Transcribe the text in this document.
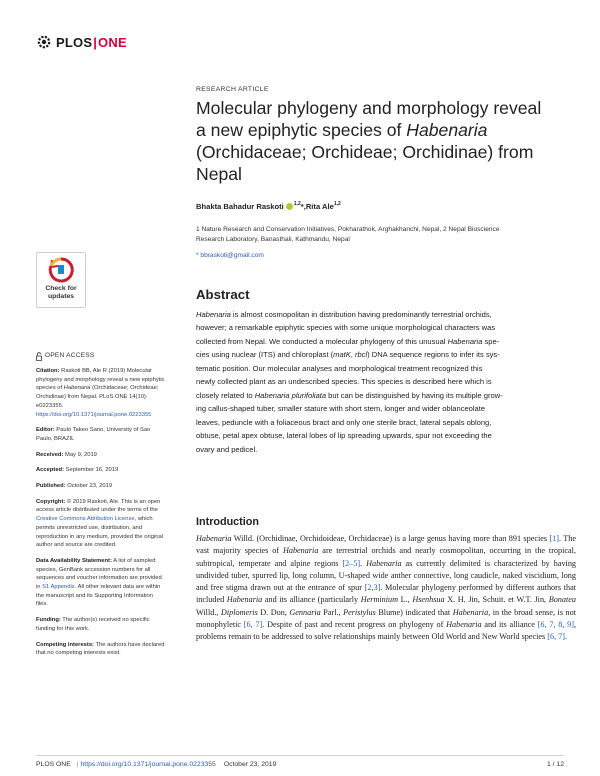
PLOS|ONE
RESEARCH ARTICLE
Molecular phylogeny and morphology reveal
a new epiphytic species of Habenaria
(Orchidaceae; Orchideae; Orchidinae) from
Nepal
Bhakta Bahadur Raskoti $^{1,2}$ * , Rita Ale$^{1,2}$
1 Nature Research and Conservation Initiatives, Pokharathok, Arghakhanchi, Nepal, 2 Nepal Bioscience
Research Laboratory, Banasthali, Kathmandu, Nepal
* bbraskoti@gmail.com
Check for
updates	Abstract
Habenaria is almost cosmopolitan in distribution having predominantly terrestrial orchids,
however; a remarkable epiphytic species with some unique morphological characters was
collected from Nepal. We conducted a molecular phylogeny of this unusual Habenaria spe-
cies using nuclear (ITS) and chloroplast (matK, rbcl) DNA sequence regions to infer its sys-
tematic position. Our molecular analyses and morphological treatment recognized this
newly collected plant as an undescribed species. This species is described here which is
closely related to Habenaria plurifoliata but can be distinguished by having its multiple grow-
ing callus-shaped tuber, smaller stature with short stem, longer and wider oblanceolate
leaves, peduncle with a foliaceous bract and only one sterile bract, lateral sepals oblong,
obtuse, petal apex obtuse, lateral lobes of lip spreading upwards, spur not exceeding the
ovary and pedicel.
OPEN ACCESS
Citation: Raskoti BB, Ale R (2019) Molecular phylogeny and morphology reveal a new epiphytic species of Habenaria (Orchidaceae; Orchideae; Orchidinae) from Nepal. PLoS ONE 14(10): e0223355. https://doi.org/10.1371/journal.pone.0223355
Editor: Paulo Takeo Sano, University of Sao Paulo, BRAZIL
Received: May 9, 2019
Accepted: September 16, 2019
Published: October 23, 2019
Copyright: © 2019 Raskoti, Ale. This is an open access article distributed under the terms of the Creative Commons Attribution License, which permits unrestricted use, distribution, and reproduction in any medium, provided the original author and source are credited.
Data Availability Statement: A list of sampled species, GenBank accession numbers for all sequences and voucher information are provided in S1 Appendix. All other relevant data are within the manuscript and its Supporting Information files.
Funding: The author(s) received no specific funding for this work.
Competing interests: The authors have declared that no competing interests exist.
Introduction
Habenaria Willd. (Orchidinae, Orchidoideae, Orchidaceae) is a large genus having more than 891 species [1]. The vast majority species of Habenaria are terrestrial orchids and nearly cosmopolitan, occurring in the tropical, subtropical, temperate and alpine regions [2–5]. Habenaria as currently delimited is characterized by having undivided tuber, spurred lip, long column, U-shaped wide anther connective, long caudicle, naked viscidium, long and free stigma drawn out at the entrance of spur [2,3]. Molecular phylogeny performed by different authors that included Habenaria and its alliance (particularly Herminium L., Hsenhsua X. H. Jin, Schuit. et W.T. Jin, Bonatea Willd., Diplomeris D. Don, Gennaria Parl., Peristylus Blume) indicated that Habenaria, in the broad sense, is not monophyletic [6, 7]. Despite of past and recent progress on phylogeny of Habenaria and its alliance [6, 7, 8, 9], problems remain to be addressed to solve relationships mainly between Old World and New World species [6, 7].
PLOS ONE | https://doi.org/10.1371/journal.pone.0223355 October 23, 2019	1 / 12
